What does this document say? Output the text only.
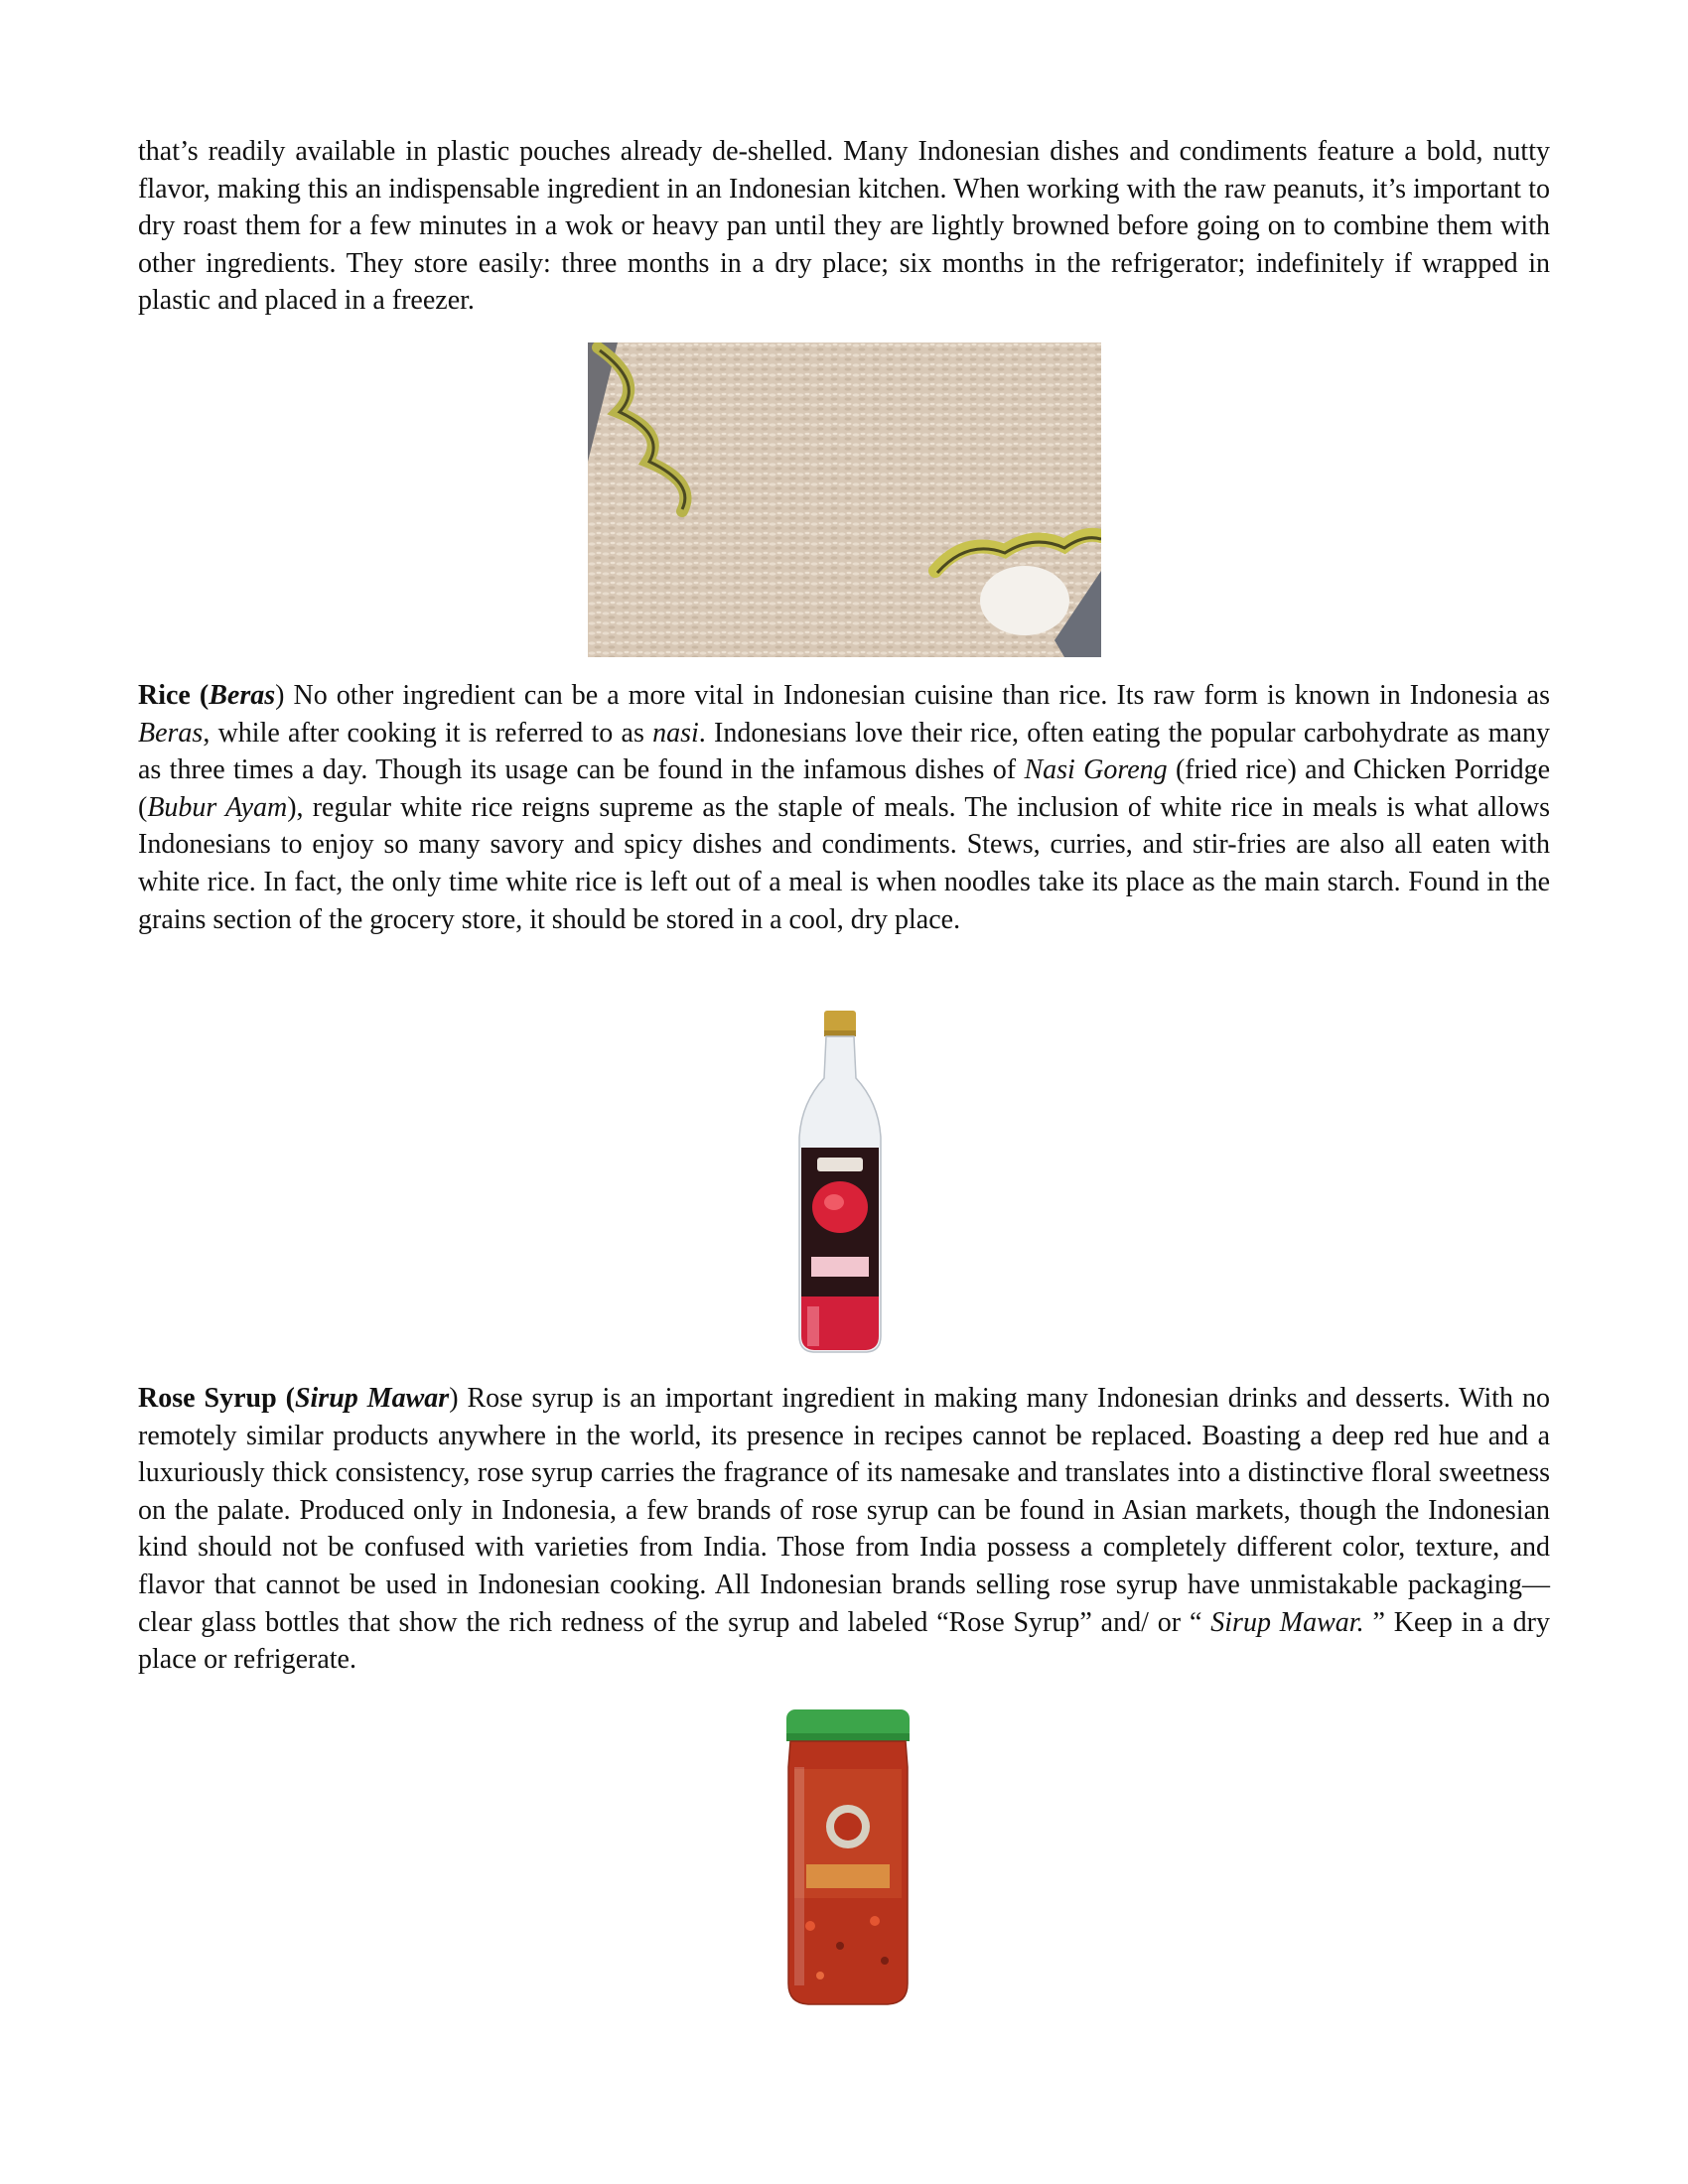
that’s readily available in plastic pouches already de-shelled. Many Indonesian dishes and condiments feature a bold, nutty flavor, making this an indispensable ingredient in an Indonesian kitchen. When working with the raw peanuts, it’s important to dry roast them for a few minutes in a wok or heavy pan until they are lightly browned before going on to combine them with other ingredients. They store easily: three months in a dry place; six months in the refrigerator; indefinitely if wrapped in plastic and placed in a freezer.

Rice (Beras) No other ingredient can be a more vital in Indonesian cuisine than rice. Its raw form is known in Indonesia as Beras, while after cooking it is referred to as nasi. Indonesians love their rice, often eating the popular carbohydrate as many as three times a day. Though its usage can be found in the infamous dishes of Nasi Goreng (fried rice) and Chicken Porridge (Bubur Ayam), regular white rice reigns supreme as the staple of meals. The inclusion of white rice in meals is what allows Indonesians to enjoy so many savory and spicy dishes and condiments. Stews, curries, and stir-fries are also all eaten with white rice. In fact, the only time white rice is left out of a meal is when noodles take its place as the main starch. Found in the grains section of the grocery store, it should be stored in a cool, dry place.

Rose Syrup (Sirup Mawar) Rose syrup is an important ingredient in making many Indonesian drinks and desserts. With no remotely similar products anywhere in the world, its presence in recipes cannot be replaced. Boasting a deep red hue and a luxuriously thick consistency, rose syrup carries the fragrance of its namesake and translates into a distinctive floral sweetness on the palate. Produced only in Indonesia, a few brands of rose syrup can be found in Asian markets, though the Indonesian kind should not be confused with varieties from India. Those from India possess a completely different color, texture, and flavor that cannot be used in Indonesian cooking. All Indonesian brands selling rose syrup have unmistakable packaging—clear glass bottles that show the rich redness of the syrup and labeled “Rose Syrup” and/ or “ Sirup Mawar. ” Keep in a dry place or refrigerate.
